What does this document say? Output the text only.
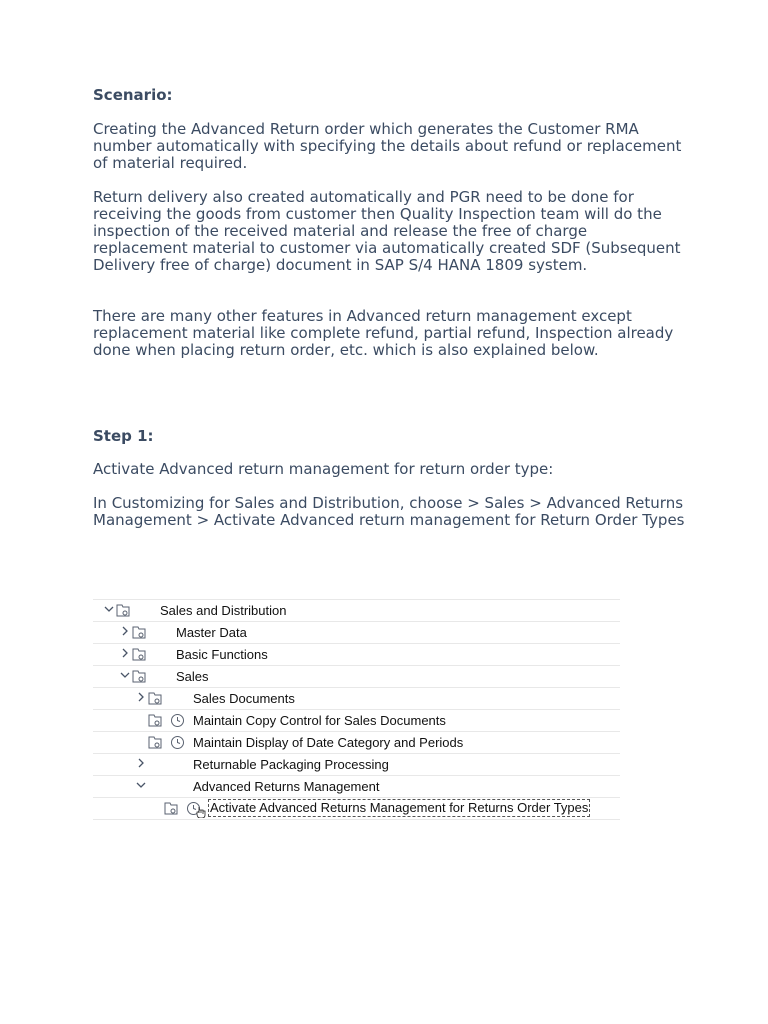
Scenario:

Creating the Advanced Return order which generates the Customer RMA number automatically with specifying the details about refund or replacement of material required.

Return delivery also created automatically and PGR need to be done for receiving the goods from customer then Quality Inspection team will do the inspection of the received material and release the free of charge replacement material to customer via automatically created SDF (Subsequent Delivery free of charge) document in SAP S/4 HANA 1809 system.

There are many other features in Advanced return management except replacement material like complete refund, partial refund, Inspection already done when placing return order, etc. which is also explained below.

Step 1:

Activate Advanced return management for return order type:

In Customizing for Sales and Distribution, choose > Sales > Advanced Returns Management > Activate Advanced return management for Return Order Types

Sales and Distribution
Master Data
Basic Functions
Sales
Sales Documents
Maintain Copy Control for Sales Documents
Maintain Display of Date Category and Periods
Returnable Packaging Processing
Advanced Returns Management
Activate Advanced Returns Management for Returns Order Types
